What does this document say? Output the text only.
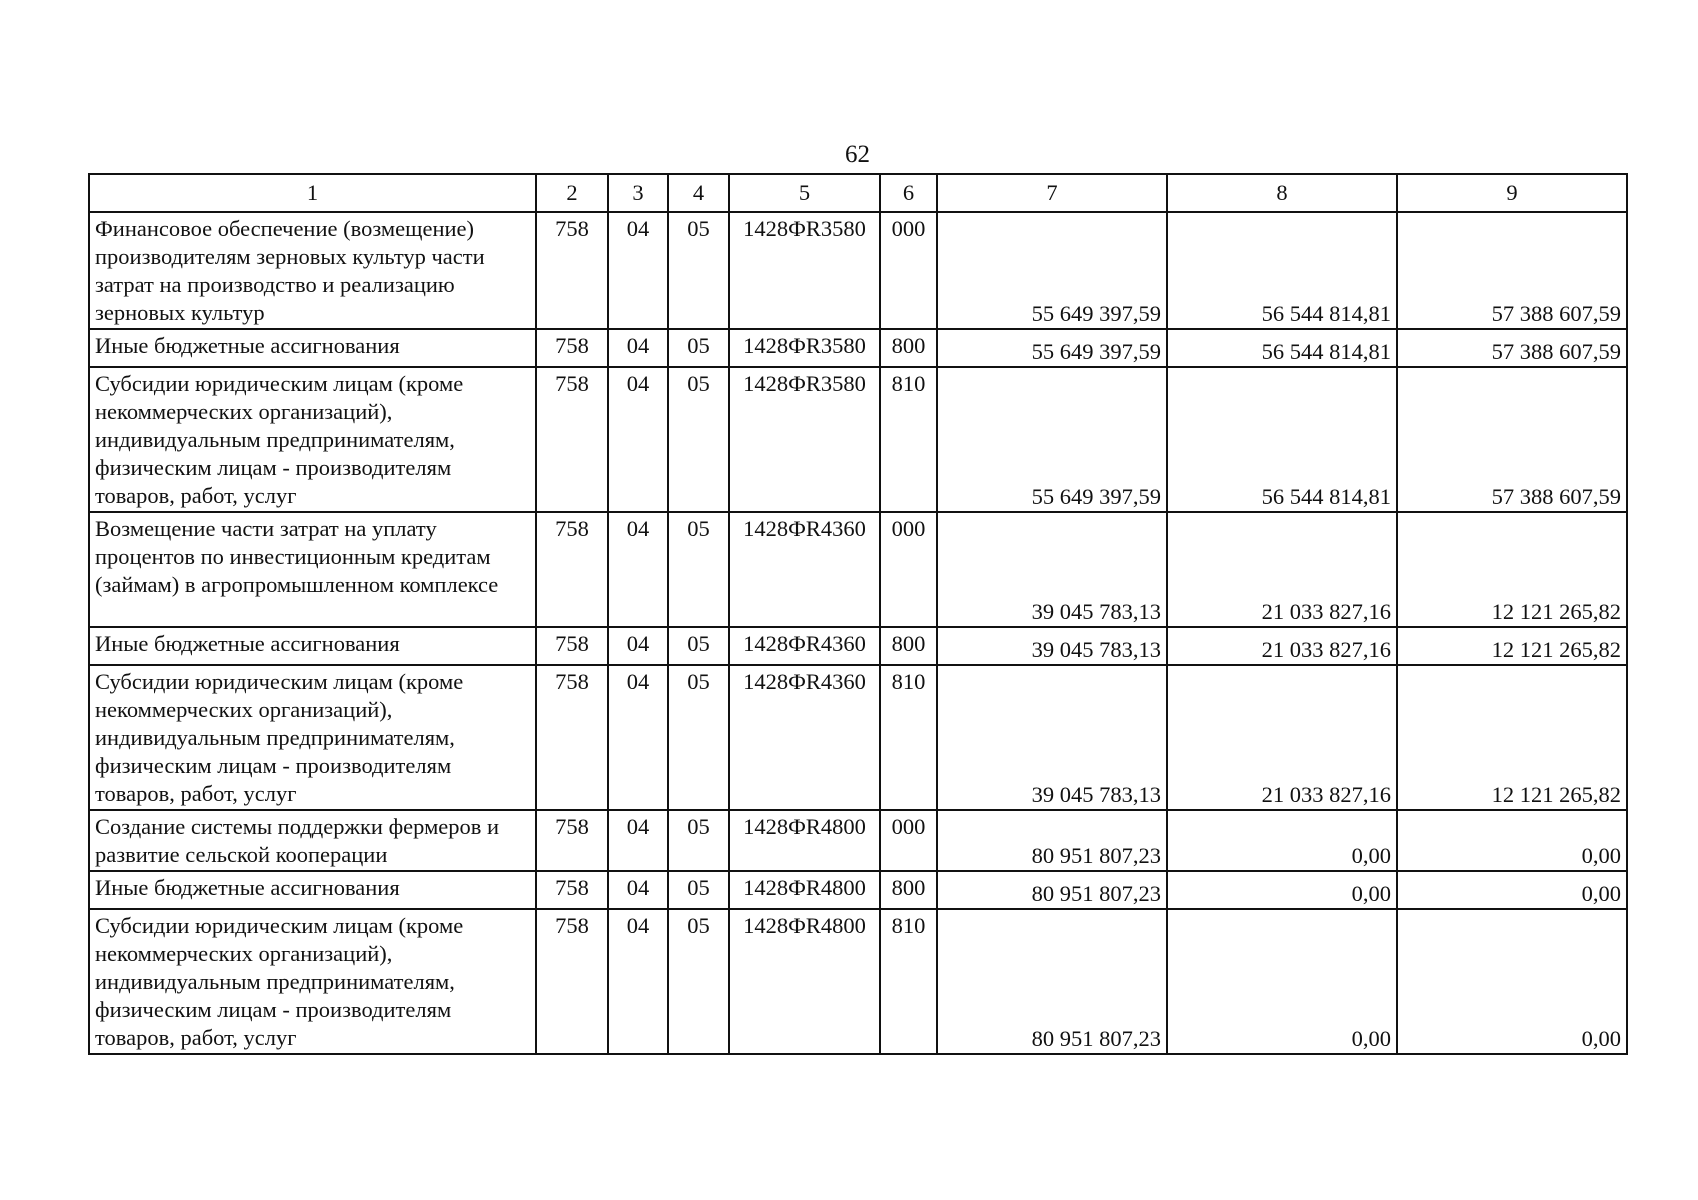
62
1	2	3	4	5	6	7	8	9
Финансовое обеспечение (возмещение) производителям зерновых культур части затрат на производство и реализацию зерновых культур	758	04	05	1428ФR3580	000	55 649 397,59	56 544 814,81	57 388 607,59
Иные бюджетные ассигнования	758	04	05	1428ФR3580	800	55 649 397,59	56 544 814,81	57 388 607,59
Субсидии юридическим лицам (кроме некоммерческих организаций), индивидуальным предпринимателям, физическим лицам - производителям товаров, работ, услуг	758	04	05	1428ФR3580	810	55 649 397,59	56 544 814,81	57 388 607,59
Возмещение части затрат на уплату процентов по инвестиционным кредитам (займам) в агропромышленном комплексе	758	04	05	1428ФR4360	000	39 045 783,13	21 033 827,16	12 121 265,82
Иные бюджетные ассигнования	758	04	05	1428ФR4360	800	39 045 783,13	21 033 827,16	12 121 265,82
Субсидии юридическим лицам (кроме некоммерческих организаций), индивидуальным предпринимателям, физическим лицам - производителям товаров, работ, услуг	758	04	05	1428ФR4360	810	39 045 783,13	21 033 827,16	12 121 265,82
Создание системы поддержки фермеров и развитие сельской кооперации	758	04	05	1428ФR4800	000	80 951 807,23	0,00	0,00
Иные бюджетные ассигнования	758	04	05	1428ФR4800	800	80 951 807,23	0,00	0,00
Субсидии юридическим лицам (кроме некоммерческих организаций), индивидуальным предпринимателям, физическим лицам - производителям товаров, работ, услуг	758	04	05	1428ФR4800	810	80 951 807,23	0,00	0,00
